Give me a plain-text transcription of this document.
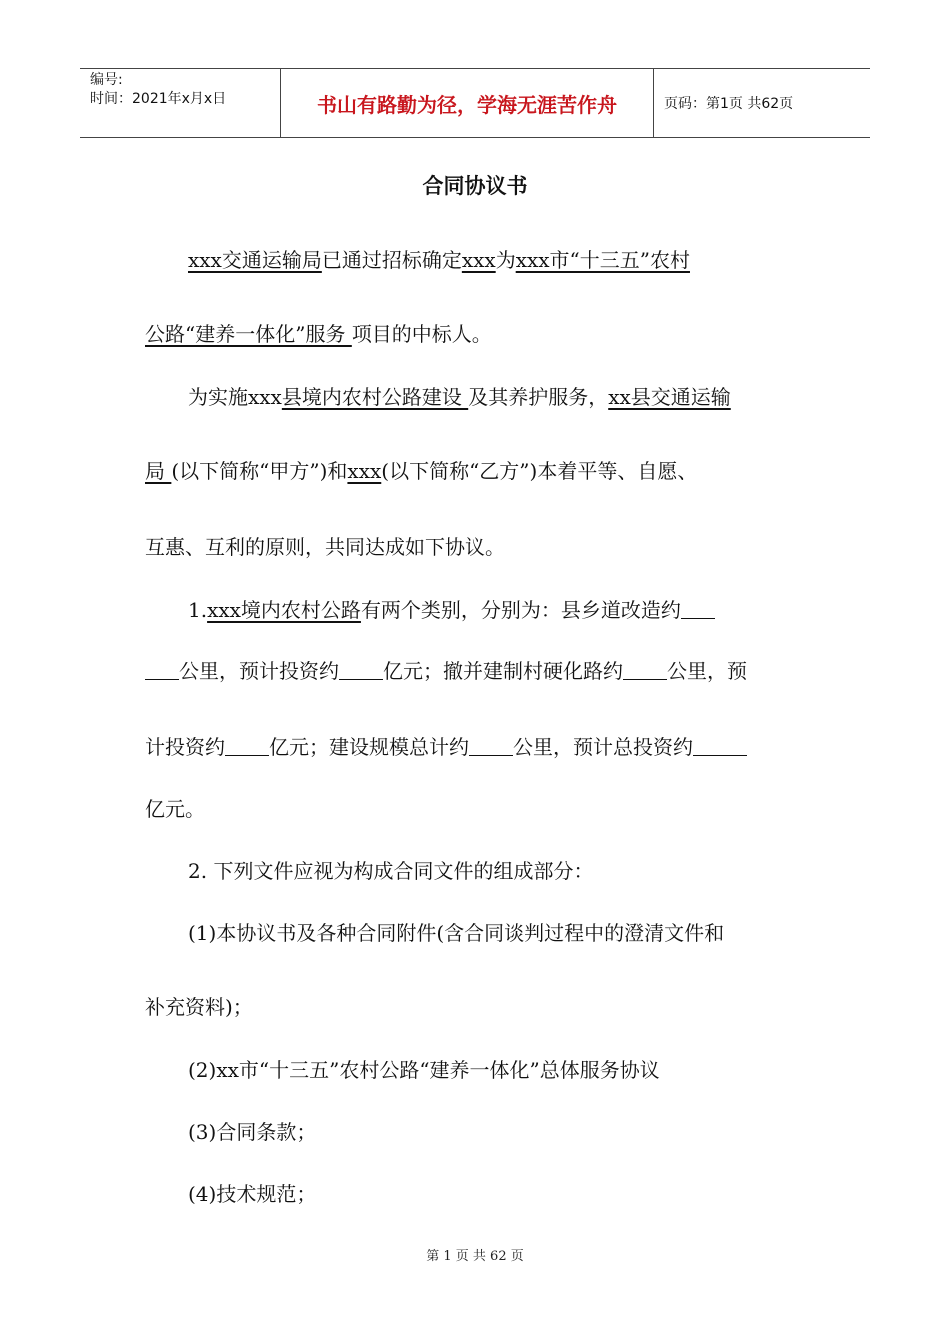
编号:
时间：2021年x月x日	书山有路勤为径，学海无涯苦作舟	页码：第1页 共62页
合同协议书
xxx交通运输局已通过招标确定xxx为xxx市“十三五”农村
公路“建养一体化”服务 项目的中标人。
为实施xxx县境内农村公路建设 及其养护服务，xx县交通运输
局 (以下简称“甲方”)和xxx(以下简称“乙方”)本着平等、自愿、
互惠、互利的原则，共同达成如下协议。
1.xxx境内农村公路有两个类别，分别为：县乡道改造约
公里，预计投资约 亿元；撤并建制村硬化路约 公里，预
计投资约 亿元；建设规模总计约 公里，预计总投资约
亿元。
2. 下列文件应视为构成合同文件的组成部分：
(1)本协议书及各种合同附件(含合同谈判过程中的澄清文件和
补充资料)；
(2)xx市“十三五”农村公路“建养一体化”总体服务协议
(3)合同条款；
(4)技术规范；
第 1 页 共 62 页
